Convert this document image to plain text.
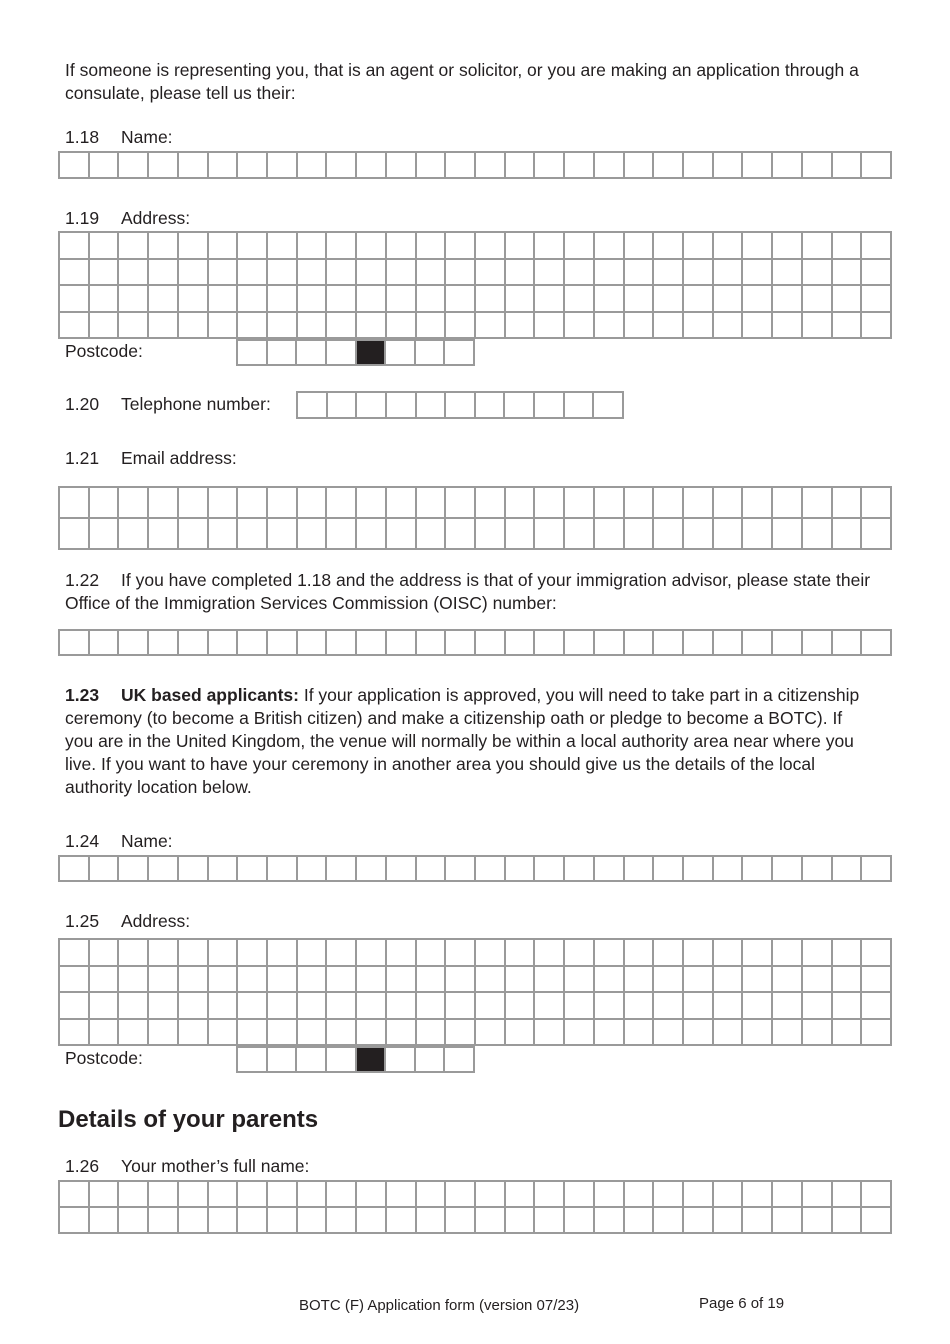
If someone is representing you, that is an agent or solicitor, or you are making an application through a consulate, please tell us their:

1.18 Name:

1.19 Address:

Postcode:

1.20 Telephone number:

1.21 Email address:

1.22 If you have completed 1.18 and the address is that of your immigration advisor, please state their Office of the Immigration Services Commission (OISC) number:

1.23 UK based applicants: If your application is approved, you will need to take part in a citizenship ceremony (to become a British citizen) and make a citizenship oath or pledge to become a BOTC). If you are in the United Kingdom, the venue will normally be within a local authority area near where you live. If you want to have your ceremony in another area you should give us the details of the local authority location below.

1.24 Name:

1.25 Address:

Postcode:

Details of your parents

1.26 Your mother’s full name:

BOTC (F) Application form (version 07/23)	Page 6 of 19
